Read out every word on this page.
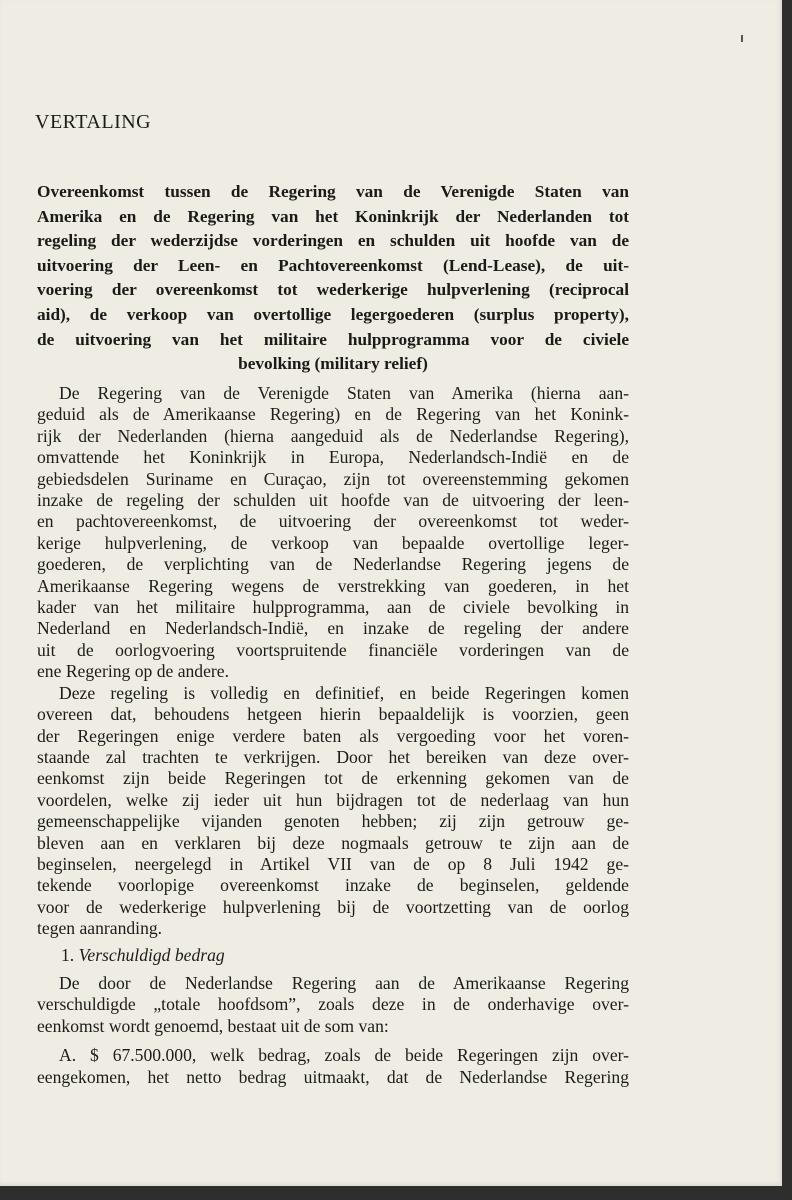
VERTALING
Overeenkomst tussen de Regering van de Verenigde Staten van
Amerika en de Regering van het Koninkrijk der Nederlanden tot
regeling der wederzijdse vorderingen en schulden uit hoofde van de
uitvoering der Leen- en Pachtovereenkomst (Lend-Lease), de uit-
voering der overeenkomst tot wederkerige hulpverlening (reciprocal
aid), de verkoop van overtollige legergoederen (surplus property),
de uitvoering van het militaire hulpprogramma voor de civiele
bevolking (military relief)
De Regering van de Verenigde Staten van Amerika (hierna aan-
geduid als de Amerikaanse Regering) en de Regering van het Konink-
rijk der Nederlanden (hierna aangeduid als de Nederlandse Regering),
omvattende het Koninkrijk in Europa, Nederlandsch-Indië en de
gebiedsdelen Suriname en Curaçao, zijn tot overeenstemming gekomen
inzake de regeling der schulden uit hoofde van de uitvoering der leen-
en pachtovereenkomst, de uitvoering der overeenkomst tot weder-
kerige hulpverlening, de verkoop van bepaalde overtollige leger-
goederen, de verplichting van de Nederlandse Regering jegens de
Amerikaanse Regering wegens de verstrekking van goederen, in het
kader van het militaire hulpprogramma, aan de civiele bevolking in
Nederland en Nederlandsch-Indië, en inzake de regeling der andere
uit de oorlogvoering voortspruitende financiële vorderingen van de
ene Regering op de andere.
Deze regeling is volledig en definitief, en beide Regeringen komen
overeen dat, behoudens hetgeen hierin bepaaldelijk is voorzien, geen
der Regeringen enige verdere baten als vergoeding voor het voren-
staande zal trachten te verkrijgen. Door het bereiken van deze over-
eenkomst zijn beide Regeringen tot de erkenning gekomen van de
voordelen, welke zij ieder uit hun bijdragen tot de nederlaag van hun
gemeenschappelijke vijanden genoten hebben; zij zijn getrouw ge-
bleven aan en verklaren bij deze nogmaals getrouw te zijn aan de
beginselen, neergelegd in Artikel VII van de op 8 Juli 1942 ge-
tekende voorlopige overeenkomst inzake de beginselen, geldende
voor de wederkerige hulpverlening bij de voortzetting van de oorlog
tegen aanranding.
1. Verschuldigd bedrag
De door de Nederlandse Regering aan de Amerikaanse Regering
verschuldigde „totale hoofdsom”, zoals deze in de onderhavige over-
eenkomst wordt genoemd, bestaat uit de som van:
A. $ 67.500.000, welk bedrag, zoals de beide Regeringen zijn over-
eengekomen, het netto bedrag uitmaakt, dat de Nederlandse Regering
